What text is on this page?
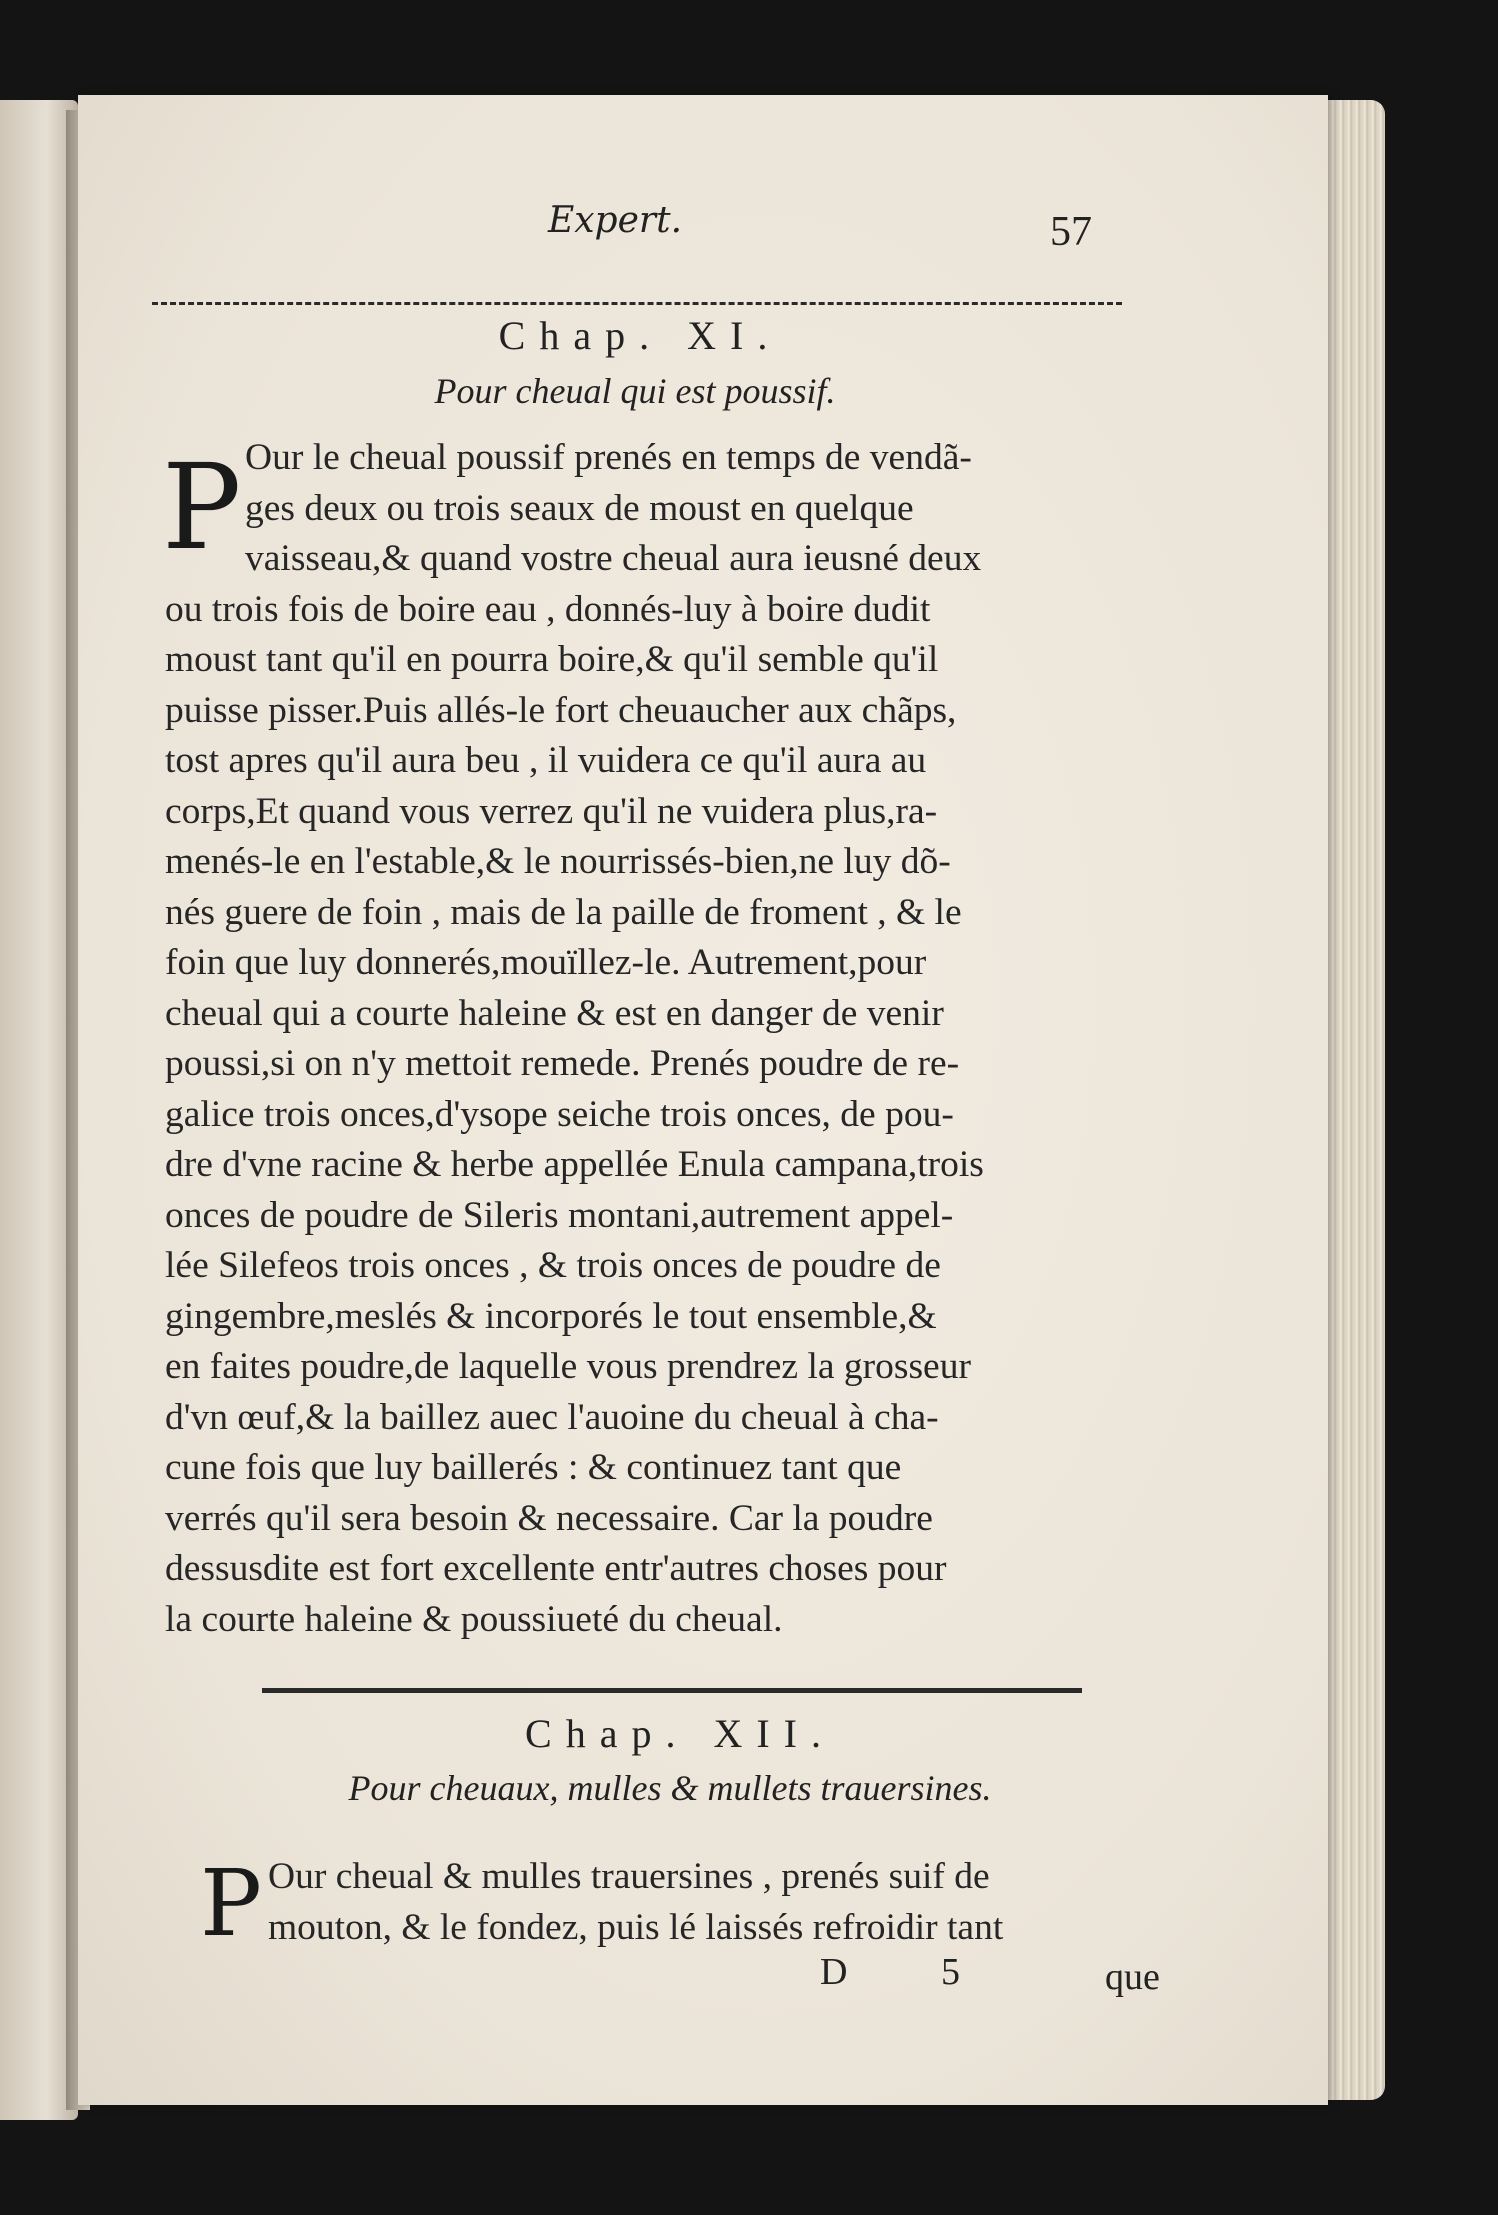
Expert.	57
Chap. XI.
Pour cheual qui est poussif.
P Our le cheual poussif prenés en temps de vendã-
ges deux ou trois seaux de moust en quelque
vaisseau,& quand vostre cheual aura ieusné deux
ou trois fois de boire eau , donnés-luy à boire dudit
moust tant qu'il en pourra boire,& qu'il semble qu'il
puisse pisser.Puis allés-le fort cheuaucher aux chãps,
tost apres qu'il aura beu , il vuidera ce qu'il aura au
corps,Et quand vous verrez qu'il ne vuidera plus,ra-
menés-le en l'estable,& le nourrissés-bien,ne luy dõ-
nés guere de foin , mais de la paille de froment , & le
foin que luy donnerés,mouïllez-le. Autrement,pour
cheual qui a courte haleine & est en danger de venir
poussi,si on n'y mettoit remede. Prenés poudre de re-
galice trois onces,d'ysope seiche trois onces, de pou-
dre d'vne racine & herbe appellée Enula campana,trois
onces de poudre de Sileris montani,autrement appel-
lée Silefeos trois onces , & trois onces de poudre de
gingembre,meslés & incorporés le tout ensemble,&
en faites poudre,de laquelle vous prendrez la grosseur
d'vn œuf,& la baillez auec l'auoine du cheual à cha-
cune fois que luy baillerés : & continuez tant que
verrés qu'il sera besoin & necessaire. Car la poudre
dessusdite est fort excellente entr'autres choses pour
la courte haleine & poussiueté du cheual.
Chap. XII.
Pour cheuaux, mulles & mullets trauersines.
P Our cheual & mulles trauersines , prenés suif de
mouton, & le fondez, puis lé laissés refroidir tant
D 5	que
